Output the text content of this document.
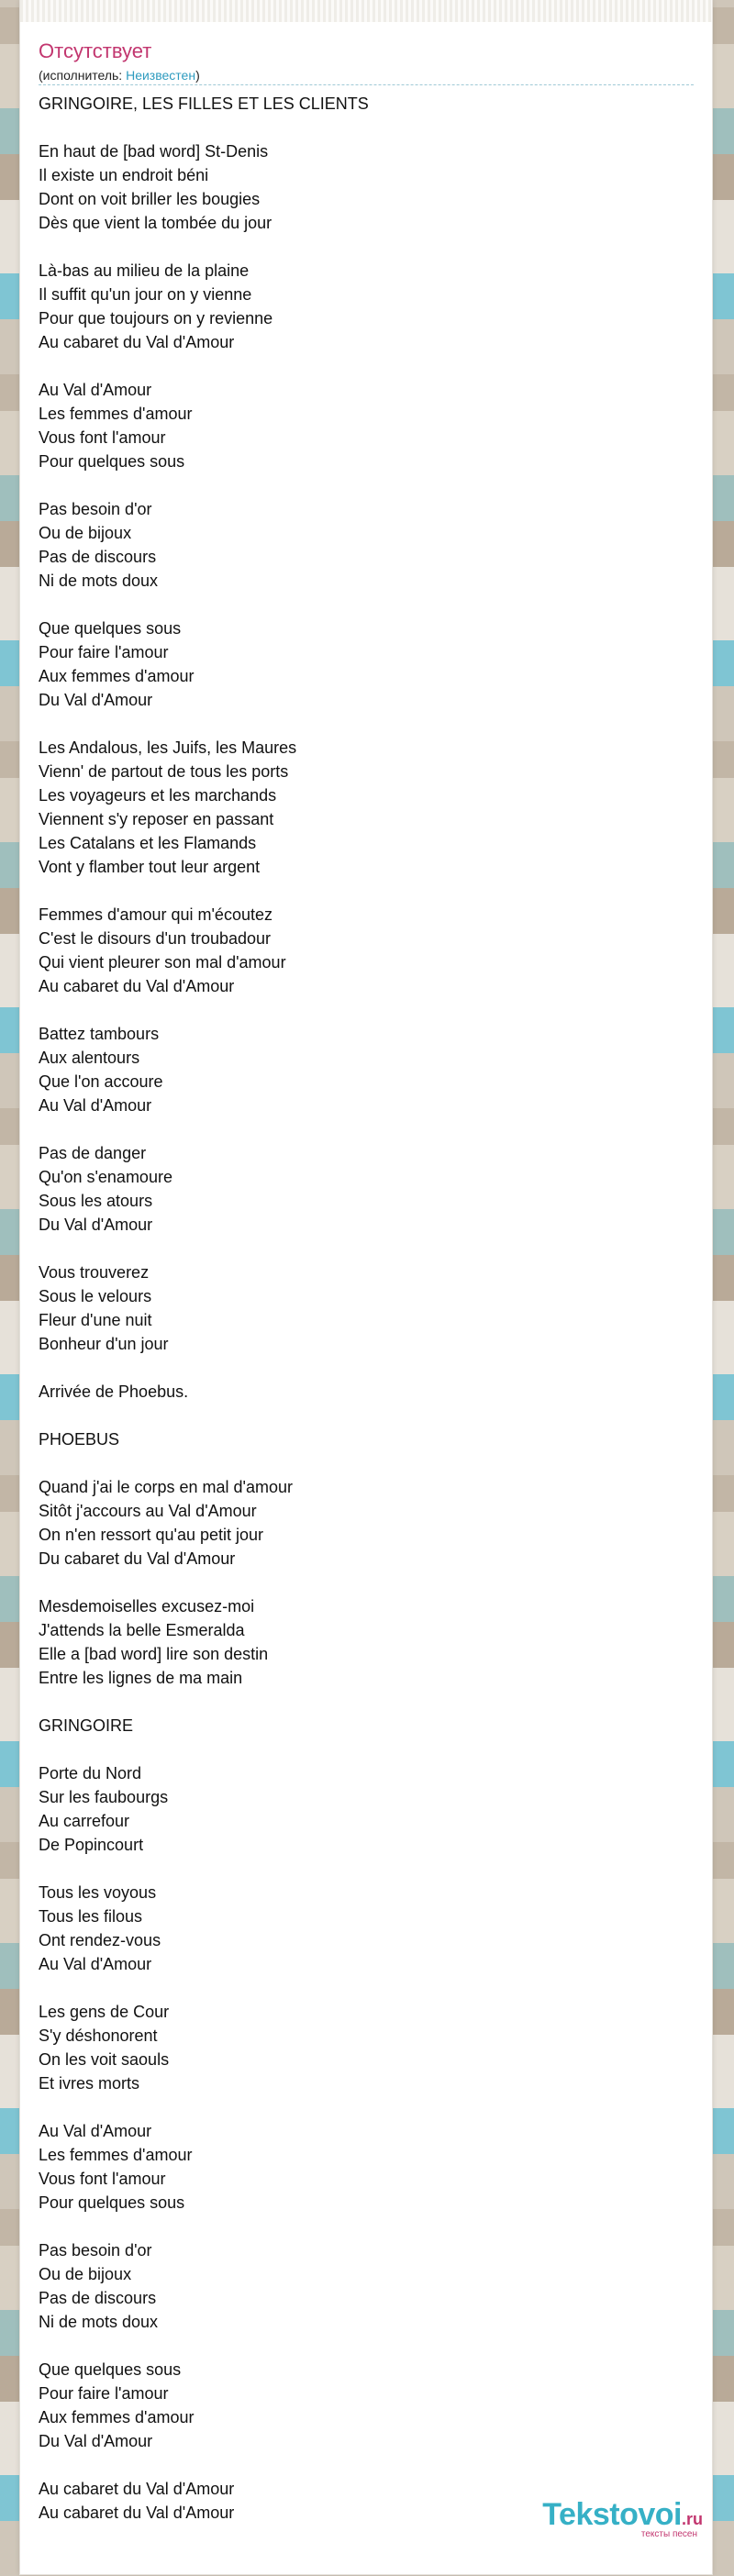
Отсутствует
(исполнитель: Неизвестен)
GRINGOIRE, LES FILLES ET LES CLIENTS
En haut de [bad word] St-Denis
Il existe un endroit béni
Dont on voit briller les bougies
Dès que vient la tombée du jour
Là-bas au milieu de la plaine
Il suffit qu'un jour on y vienne
Pour que toujours on y revienne
Au cabaret du Val d'Amour
Au Val d'Amour
Les femmes d'amour
Vous font l'amour
Pour quelques sous
Pas besoin d'or
Ou de bijoux
Pas de discours
Ni de mots doux
Que quelques sous
Pour faire l'amour
Aux femmes d'amour
Du Val d'Amour
Les Andalous, les Juifs, les Maures
Vienn' de partout de tous les ports
Les voyageurs et les marchands
Viennent s'y reposer en passant
Les Catalans et les Flamands
Vont y flamber tout leur argent
Femmes d'amour qui m'écoutez
C'est le disours d'un troubadour
Qui vient pleurer son mal d'amour
Au cabaret du Val d'Amour
Battez tambours
Aux alentours
Que l'on accoure
Au Val d'Amour
Pas de danger
Qu'on s'enamoure
Sous les atours
Du Val d'Amour
Vous trouverez
Sous le velours
Fleur d'une nuit
Bonheur d'un jour
Arrivée de Phoebus.
PHOEBUS
Quand j'ai le corps en mal d'amour
Sitôt j'accours au Val d'Amour
On n'en ressort qu'au petit jour
Du cabaret du Val d'Amour
Mesdemoiselles excusez-moi
J'attends la belle Esmeralda
Elle a [bad word] lire son destin
Entre les lignes de ma main
GRINGOIRE
Porte du Nord
Sur les faubourgs
Au carrefour
De Popincourt
Tous les voyous
Tous les filous
Ont rendez-vous
Au Val d'Amour
Les gens de Cour
S'y déshonorent
On les voit saouls
Et ivres morts
Au Val d'Amour
Les femmes d'amour
Vous font l'amour
Pour quelques sous
Pas besoin d'or
Ou de bijoux
Pas de discours
Ni de mots doux
Que quelques sous
Pour faire l'amour
Aux femmes d'amour
Du Val d'Amour
Au cabaret du Val d'Amour
Au cabaret du Val d'Amour	Tekstovoi.ru
тексты песен
